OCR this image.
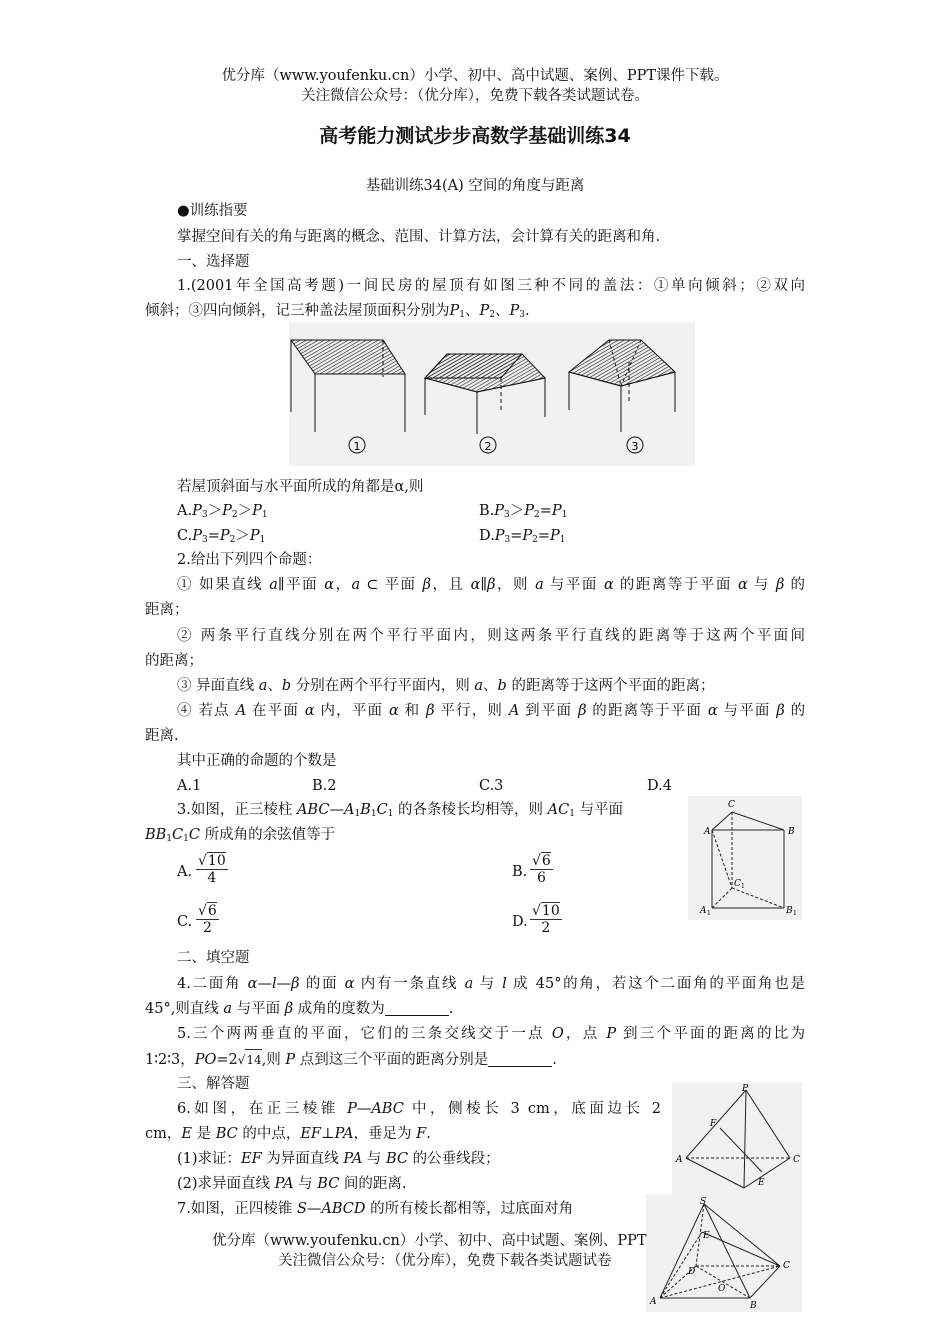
优分库（www.youfenku.cn）小学、初中、高中试题、案例、PPT课件下载。
关注微信公众号：（优分库），免费下载各类试题试卷。
高考能力测试步步高数学基础训练34
基础训练34(A) 空间的角度与距离
●训练指要
掌握空间有关的角与距离的概念、范围、计算方法，会计算有关的距离和角.
一、选择题
1.(2001年全国高考题)一间民房的屋顶有如图三种不同的盖法：①单向倾斜；②双向
倾斜；③四向倾斜，记三种盖法屋顶面积分别为$P_1$、$P_2$、$P_3$.
1	2	3
若屋顶斜面与水平面所成的角都是α,则
$A.P_3>P_2>P_1$	$B.P_3>P_2=P_1$
$C.P_3=P_2>P_1$	$D.P_3=P_2=P_1$
2.给出下列四个命题：
① 如果直线 a∥平面 α，a ⊂ 平面 β，且 α∥β，则 a 与平面 α 的距离等于平面 α 与 β 的
距离；
② 两条平行直线分别在两个平行平面内，则这两条平行直线的距离等于这两个平面间
的距离；
③ 异面直线 a、b 分别在两个平行平面内，则 a、b 的距离等于这两个平面的距离；
④ 若点 A 在平面 α 内，平面 α 和 β 平行，则 A 到平面 β 的距离等于平面 α 与平面 β 的
距离.
其中正确的命题的个数是
A.1	B.2	C.3	D.4
3.如图，正三棱柱 $ABC—A_1B_1C_1$ 的各条棱长均相等，则 $AC_1$ 与平面
$BB_1C_1C$ 所成角的余弦值等于
A. $\frac{√10}{4}$	B. $\frac{√6}{6}$
C. $\frac{√6}{2}$	D. $\frac{√10}{2}$
C
A	B
C 1
A 1	B 1
二、填空题
4.二面角 α—l—β 的面 α 内有一条直线 a 与 l 成 45°的角，若这个二面角的平面角也是
45°,则直线 a 与平面 β 成角的度数为	.
5.三个两两垂直的平面，它们的三条交线交于一点 O，点 P 到三个平面的距离的比为
1∶2∶3，PO=2√14,则 P 点到这三个平面的距离分别是	.
三、解答题
6.如图，在正三棱锥 P—ABC 中，侧棱长 3 cm，底面边长 2
cm，E 是 BC 的中点，EF⊥PA，垂足为 F.
(1)求证：EF 为异面直线 PA 与 BC 的公垂线段；
(2)求异面直线 PA 与 BC 间的距离.
7.如图，正四棱锥 S—ABCD 的所有棱长都相等，过底面对角
P
F
A	C
E
S
E
D
C
O
A	B
优分库（www.youfenku.cn）小学、初中、高中试题、案例、PPT
关注微信公众号：（优分库），免费下载各类试题试卷
